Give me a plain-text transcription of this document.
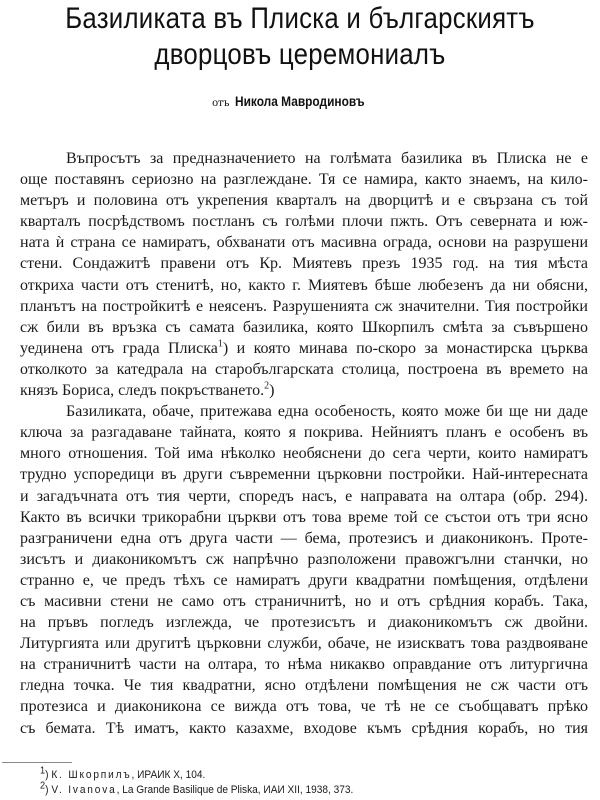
Базиликата въ Плиска и българскиятъ
дворцовъ церемониалъ
отъ Никола Мавродиновъ
Въпросътъ за предназначението на голѣмата базилика въ Плиска не е
още поставянъ сериозно на разглеждане. Тя се намира, както знаемъ, на кило-
метъръ и половина отъ укрепения кварталъ на дворцитѣ и е свързана съ той
кварталъ посрѣдствомъ постланъ съ голѣми плочи пжть. Отъ северната и юж-
ната ѝ страна се намиратъ, обхванати отъ масивна ограда, основи на разрушени
стени. Сондажитѣ правени отъ Кр. Миятевъ презъ 1935 год. на тия мѣста
откриха части отъ стенитѣ, но, както г. Миятевъ бѣше любезенъ да ни обясни,
планътъ на постройкитѣ е неясенъ. Разрушенията сж значителни. Тия постройки
сж били въ връзка съ самата базилика, която Шкорпилъ смѣта за съвършено
уединена отъ града Плиска$^1$) и която минава по-скоро за монастирска църква
отколкото за катедрала на старобългарската столица, построена въ времето на
князъ Бориса, следъ покръстването.$^2$)
Базиликата, обаче, притежава една особеность, която може би ще ни даде
ключа за разгадаване тайната, която я покрива. Нейниятъ планъ е особенъ въ
много отношения. Той има нѣколко необяснени до сега черти, които намиратъ
трудно успоредици въ други съвременни църковни постройки. Най-интересната
и загадъчната отъ тия черти, споредъ насъ, е направата на олтара (обр. 294).
Както въ всички трикорабни църкви отъ това време той се състои отъ три ясно
разграничени една отъ друга части — бема, протезисъ и диакониконъ. Протe-
зисътъ и диаконикомътъ сж напрѣчно разположени правожгълни станчки, но
странно е, че предъ тѣхъ се намиратъ други квадратни помѣщения, отдѣлени
съ масивни стени не само отъ страничнитѣ, но и отъ срѣдния корабъ. Така,
на пръвъ погледъ изглежда, че протезисътъ и диаконикомътъ сж двойни.
Литургията или другитѣ църковни служби, обаче, не изискватъ това раздвояване
на страничнитѣ части на олтара, то нѣма никакво оправдание отъ литургична
гледна точка. Че тия квадратни, ясно отдѣлени помѣщения не сж части отъ
протезиса и диаконикона се вижда отъ това, че тѣ не се съобщаватъ прѣко
съ бемата. Тѣ иматъ, както казахме, входове къмъ срѣдния корабъ, но тия
$^1$) К. Шкорпилъ, ИРАИК Х, 104.
$^2$) V. Ivanova, La Grande Basilique de Pliska, ИАИ XII, 1938, 373.
